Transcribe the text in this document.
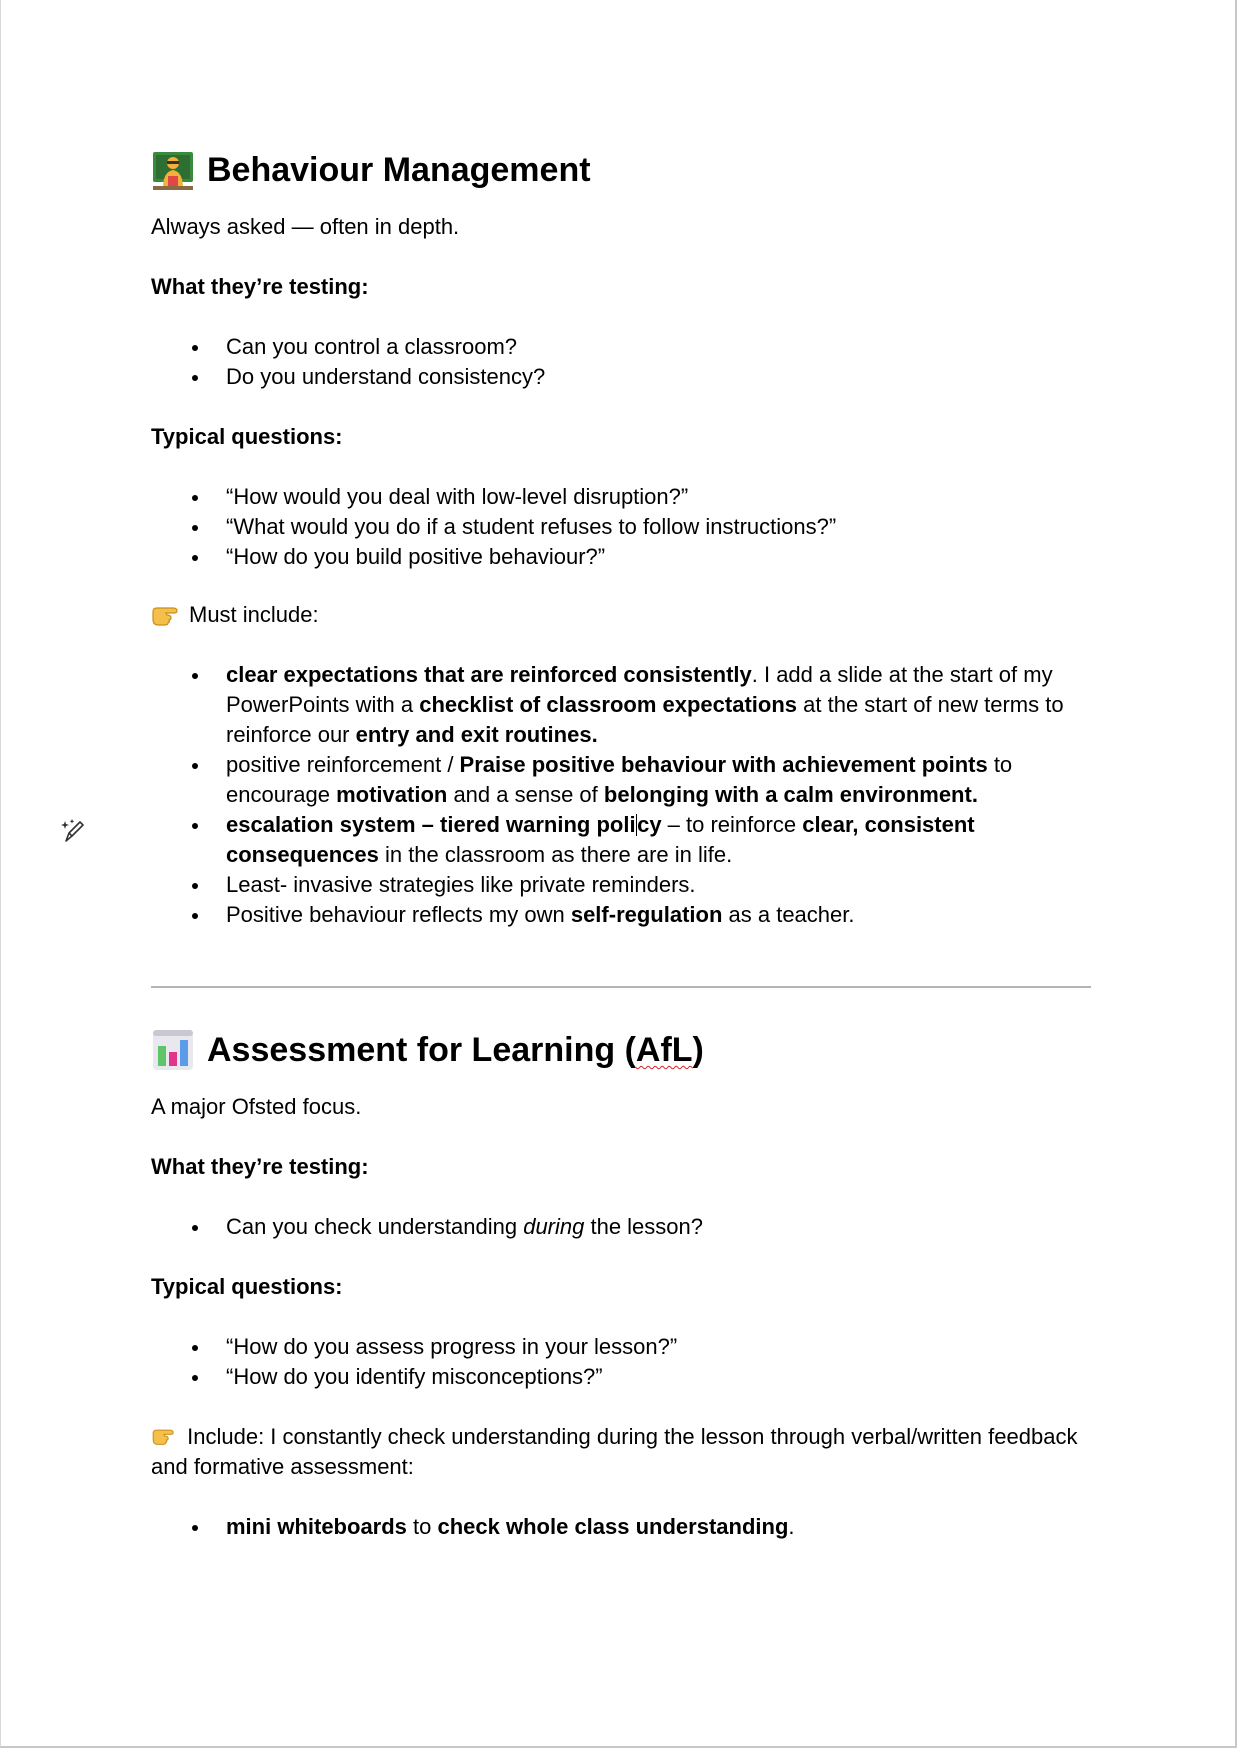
Behaviour Management

Always asked — often in depth.

What they’re testing:

Can you control a classroom?
Do you understand consistency?

Typical questions:

“How would you deal with low-level disruption?”
“What would you do if a student refuses to follow instructions?”
“How do you build positive behaviour?”

Must include:

clear expectations that are reinforced consistently. I add a slide at the start of my PowerPoints with a checklist of classroom expectations at the start of new terms to reinforce our entry and exit routines.
positive reinforcement / Praise positive behaviour with achievement points to encourage motivation and a sense of belonging with a calm environment.
escalation system – tiered warning policy – to reinforce clear, consistent consequences in the classroom as there are in life.
Least- invasive strategies like private reminders.
Positive behaviour reflects my own self-regulation as a teacher.
Assessment for Learning ( AfL )

A major Ofsted focus.

What they’re testing:

Can you check understanding during the lesson?

Typical questions:

“How do you assess progress in your lesson?”
“How do you identify misconceptions?”

Include: I constantly check understanding during the lesson through verbal/written feedback and formative assessment:

mini whiteboards to check whole class understanding.
